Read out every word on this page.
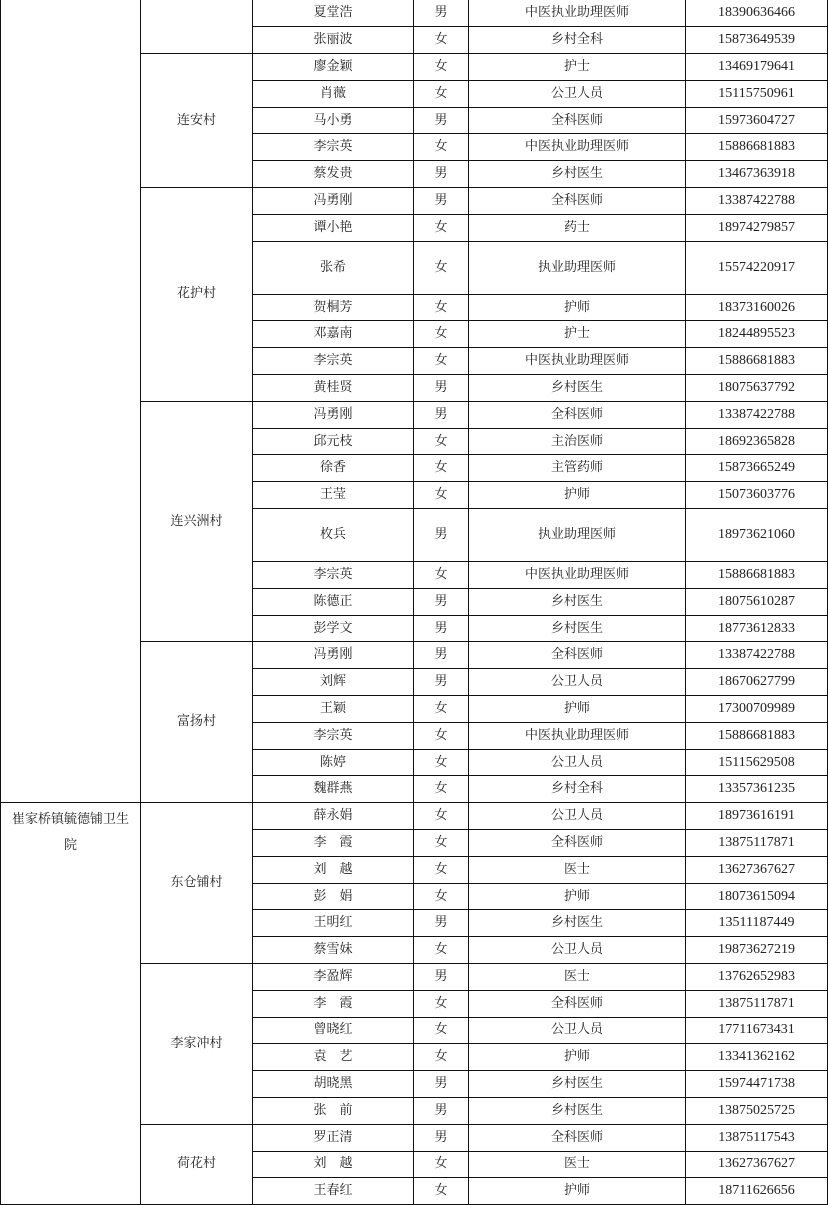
		夏堂浩	男	中医执业助理医师	18390636466
		张丽波	女	乡村全科	15873649539
	连安村	廖金颖	女	护士	13469179641
		肖薇	女	公卫人员	15115750961
		马小勇	男	全科医师	15973604727
		李宗英	女	中医执业助理医师	15886681883
		蔡发贵	男	乡村医生	13467363918
	花护村	冯勇刚	男	全科医师	13387422788
		谭小艳	女	药士	18974279857
		张希	女	执业助理医师	15574220917
		贺桐芳	女	护师	18373160026
		邓嘉南	女	护士	18244895523
		李宗英	女	中医执业助理医师	15886681883
		黄桂贤	男	乡村医生	18075637792
	连兴洲村	冯勇刚	男	全科医师	13387422788
		邱元枝	女	主治医师	18692365828
		徐香	女	主管药师	15873665249
		王莹	女	护师	15073603776
		枚兵	男	执业助理医师	18973621060
		李宗英	女	中医执业助理医师	15886681883
		陈德正	男	乡村医生	18075610287
		彭学文	男	乡村医生	18773612833
	富扬村	冯勇刚	男	全科医师	13387422788
		刘辉	男	公卫人员	18670627799
		王颖	女	护师	17300709989
		李宗英	女	中医执业助理医师	15886681883
		陈婷	女	公卫人员	15115629508
		魏群燕	女	乡村全科	13357361235
崔家桥镇毓德铺卫生院	东仓铺村	薛永娟	女	公卫人员	18973616191
		李　霞	女	全科医师	13875117871
		刘　越	女	医士	13627367627
		彭　娟	女	护师	18073615094
		王明红	男	乡村医生	13511187449
		蔡雪妹	女	公卫人员	19873627219
	李家冲村	李盈辉	男	医士	13762652983
		李　霞	女	全科医师	13875117871
		曾晓红	女	公卫人员	17711673431
		袁　艺	女	护师	13341362162
		胡晓黑	男	乡村医生	15974471738
		张　前	男	乡村医生	13875025725
	荷花村	罗正清	男	全科医师	13875117543
		刘　越	女	医士	13627367627
		王春红	女	护师	18711626656
